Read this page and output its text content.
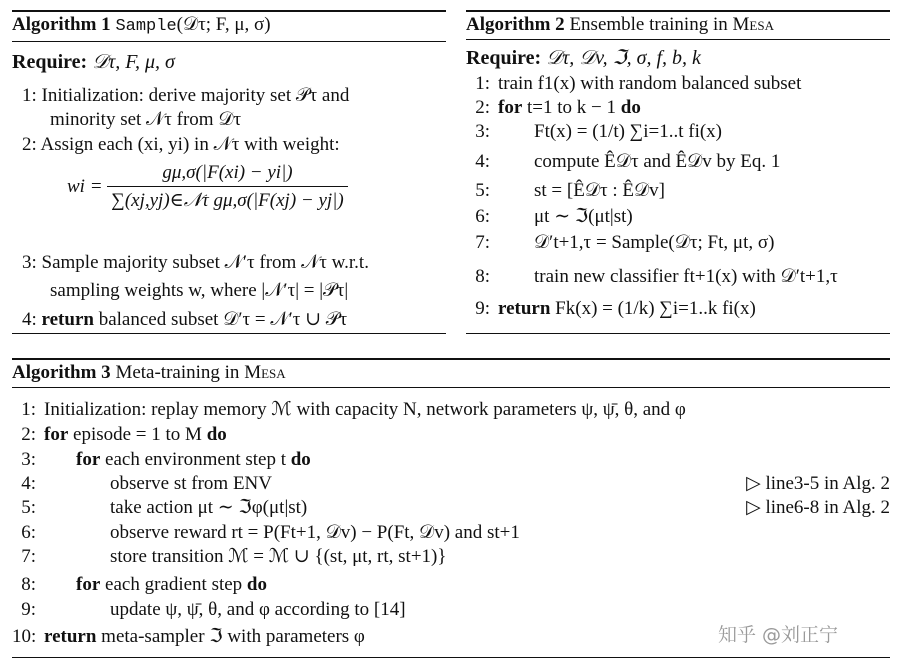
Algorithm 1 Sample(𝒟τ; F, μ, σ)
Require: 𝒟τ, F, μ, σ
1: Initialization: derive majority set 𝒫τ and
minority set 𝒩τ from 𝒟τ
2: Assign each (xi, yi) in 𝒩τ with weight:
wi = $\frac{g\mu,\sigma(|F(xi) - yi|)}{\text{∑(xj,yj)∈𝒩τ gμ,σ(|F(xj) − yj|)}}$
3: Sample majority subset 𝒩′τ from 𝒩τ w.r.t.
sampling weights w, where |𝒩′τ| = |𝒫τ|
4: return balanced subset 𝒟′τ = 𝒩′τ ∪ 𝒫τ
Algorithm 2 Ensemble training in Mesa
Require: 𝒟τ, 𝒟v, ℑ, σ, f, b, k
1: train f1(x) with random balanced subset
2: for t=1 to k − 1 do
3: Ft(x) = (1/t) ∑i=1..t fi(x)
4: compute Ê𝒟τ and Ê𝒟v by Eq. 1
5: st = [Ê𝒟τ : Ê𝒟v]
6: μt ∼ ℑ(μt|st)
7: 𝒟′t+1,τ = Sample(𝒟τ; Ft, μt, σ)
8: train new classifier ft+1(x) with 𝒟′t+1,τ
9: return Fk(x) = (1/k) ∑i=1..k fi(x)
Algorithm 3 Meta-training in Mesa
1: Initialization: replay memory ℳ with capacity N, network parameters ψ, ψ̄, θ, and φ
2: for episode = 1 to M do
3: for each environment step t do
4:	observe st from ENV
5:	take action μt ∼ ℑφ(μt|st)
6:	observe reward rt = P(Ft+1, 𝒟v) − P(Ft, 𝒟v) and st+1
7:	store transition ℳ = ℳ ∪ {(st, μt, rt, st+1)}
8: for each gradient step do
9:	update ψ, ψ̄, θ, and φ according to [14]
10: return meta-sampler ℑ with parameters φ
▷ line3-5 in Alg. 2
▷ line6-8 in Alg. 2
知乎 @刘正宁
